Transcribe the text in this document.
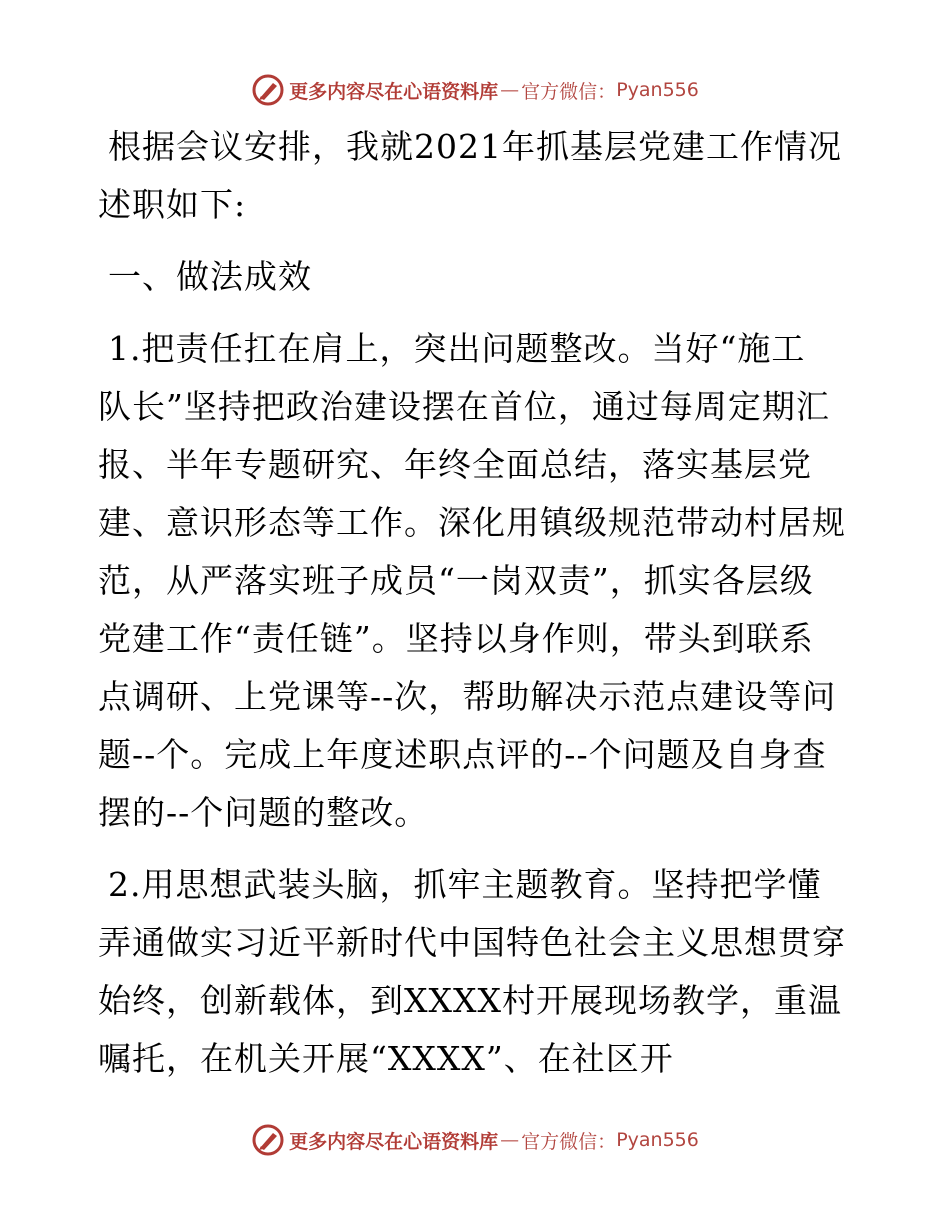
更多内容尽在心语资料库 — 官方微信： Pyan556
根据会议安排，我就2021年抓基层党建工作情况
述职如下:
一、做法成效
1.把责任扛在肩上，突出问题整改。当好“施工
队长”坚持把政治建设摆在首位，通过每周定期汇
报、半年专题研究、年终全面总结，落实基层党
建、意识形态等工作。深化用镇级规范带动村居规
范，从严落实班子成员“一岗双责”，抓实各层级
党建工作“责任链”。坚持以身作则，带头到联系
点调研、上党课等--次，帮助解决示范点建设等问
题--个。完成上年度述职点评的--个问题及自身查
摆的--个问题的整改。
2.用思想武装头脑，抓牢主题教育。坚持把学懂
弄通做实习近平新时代中国特色社会主义思想贯穿
始终，创新载体，到XXXX村开展现场教学，重温
嘱托，在机关开展“XXXX”、在社区开
更多内容尽在心语资料库 — 官方微信： Pyan556
